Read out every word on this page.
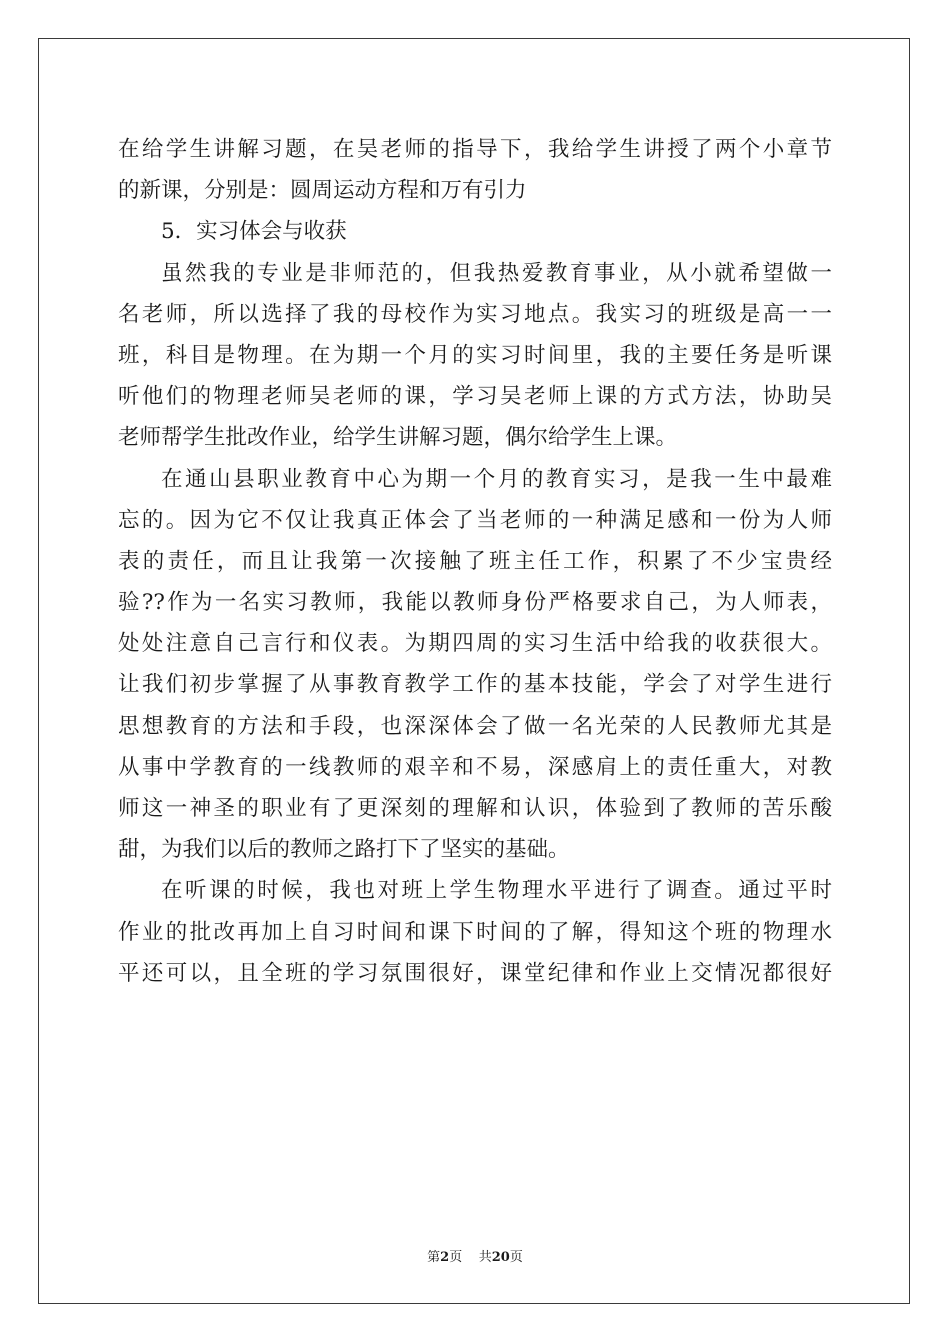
在给学生讲解习题，在吴老师的指导下，我给学生讲授了两个小章节
的新课，分别是：圆周运动方程和万有引力
5．实习体会与收获
虽然我的专业是非师范的，但我热爱教育事业，从小就希望做一
名老师，所以选择了我的母校作为实习地点。我实习的班级是高一一
班，科目是物理。在为期一个月的实习时间里，我的主要任务是听课
听他们的物理老师吴老师的课，学习吴老师上课的方式方法，协助吴
老师帮学生批改作业，给学生讲解习题，偶尔给学生上课。
在通山县职业教育中心为期一个月的教育实习，是我一生中最难
忘的。因为它不仅让我真正体会了当老师的一种满足感和一份为人师
表的责任，而且让我第一次接触了班主任工作，积累了不少宝贵经
验??作为一名实习教师，我能以教师身份严格要求自己，为人师表，
处处注意自己言行和仪表。为期四周的实习生活中给我的收获很大。
让我们初步掌握了从事教育教学工作的基本技能，学会了对学生进行
思想教育的方法和手段，也深深体会了做一名光荣的人民教师尤其是
从事中学教育的一线教师的艰辛和不易，深感肩上的责任重大，对教
师这一神圣的职业有了更深刻的理解和认识，体验到了教师的苦乐酸
甜，为我们以后的教师之路打下了坚实的基础。
在听课的时候，我也对班上学生物理水平进行了调查。通过平时
作业的批改再加上自习时间和课下时间的了解，得知这个班的物理水
平还可以，且全班的学习氛围很好，课堂纪律和作业上交情况都很好
第2页 共20页
